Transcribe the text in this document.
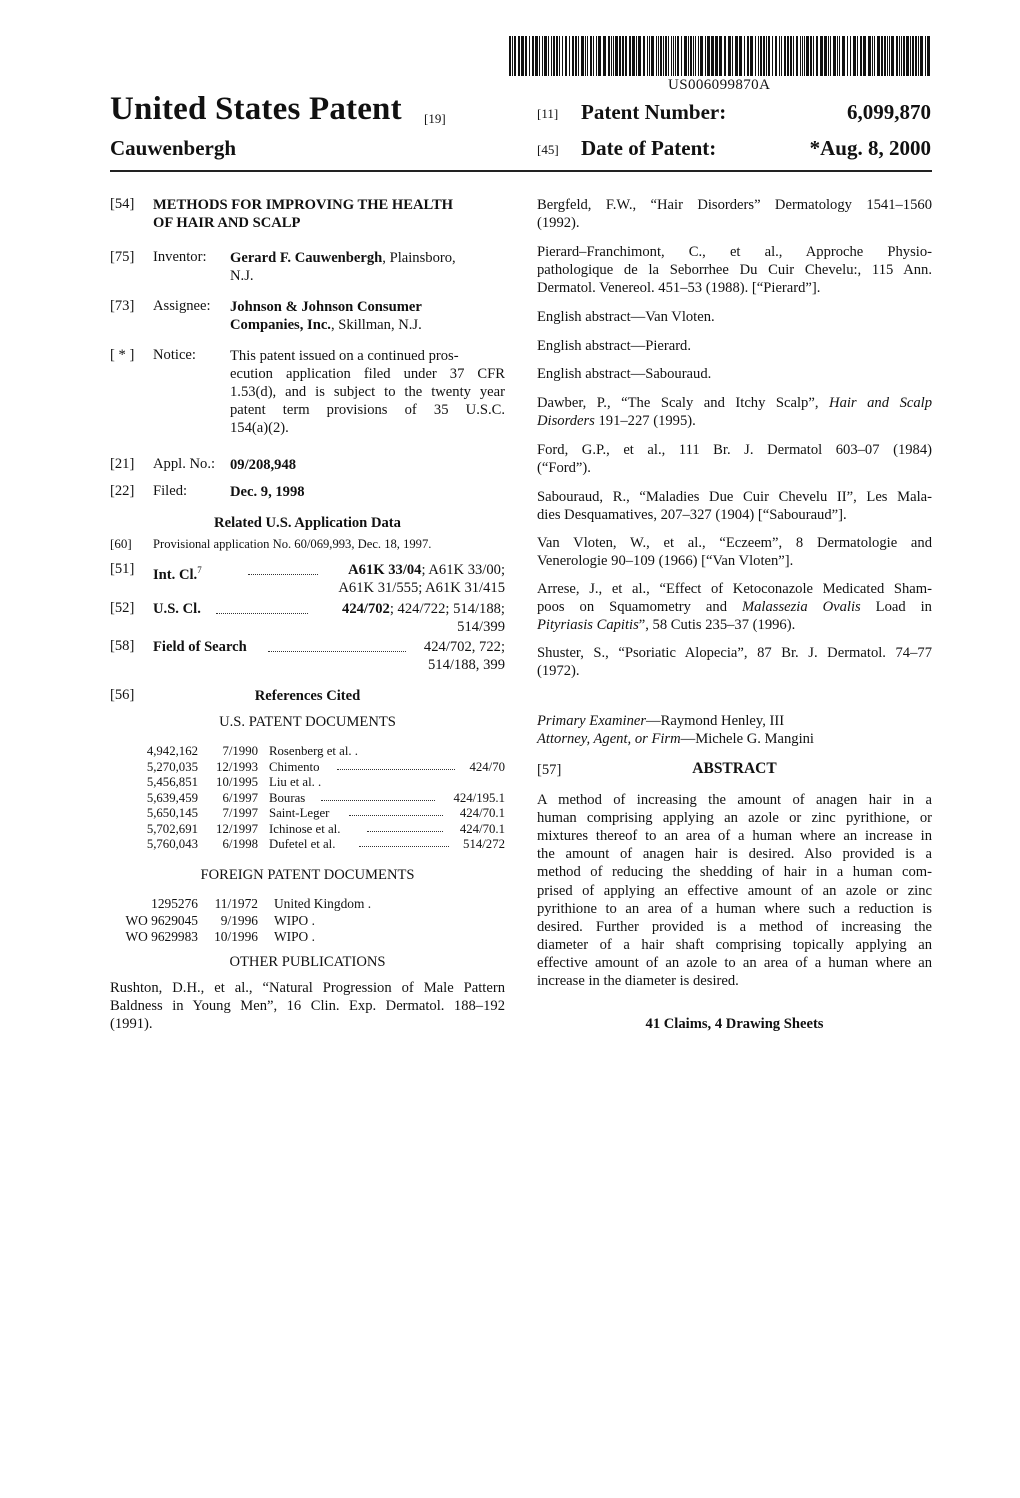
US006099870A
United States Patent [19]
Cauwenbergh
[11] Patent Number:	6,099,870
[45] Date of Patent:	*Aug. 8, 2000
[54] METHODS FOR IMPROVING THE HEALTH
OF HAIR AND SCALP
[75] Inventor: Gerard F. Cauwenbergh, Plainsboro,
N.J.
[73] Assignee: Johnson & Johnson Consumer
Companies, Inc., Skillman, N.J.
[ * ] Notice: This patent issued on a continued pros-
ecution application filed under 37 CFR
1.53(d), and is subject to the twenty year
patent term provisions of 35 U.S.C.
154(a)(2).
[21] Appl. No.: 09/208,948
[22] Filed:	Dec. 9, 1998
Related U.S. Application Data
[60] Provisional application No. 60/069,993, Dec. 18, 1997.
[51] Int. Cl.$^7$	A61K 33/04; A61K 33/00;
A61K 31/555; A61K 31/415
[52] U.S. Cl.	424/702; 424/722; 514/188;
514/399
[58] Field of Search	424/702, 722;
514/188, 399
[56]	References Cited
U.S. PATENT DOCUMENTS
4,942,162	7/1990 Rosenberg et al. .
5,270,035	12/1993 Chimento	424/70
5,456,851	10/1995 Liu et al. .
5,639,459	6/1997 Bouras	424/195.1
5,650,145	7/1997 Saint-Leger	424/70.1
5,702,691	12/1997 Ichinose et al.	424/70.1
5,760,043	6/1998 Dufetel et al.	514/272
FOREIGN PATENT DOCUMENTS
1295276	11/1972 United Kingdom .
WO 9629045	9/1996 WIPO .
WO 9629983	10/1996 WIPO .
OTHER PUBLICATIONS
Rushton, D.H., et al., “Natural Progression of Male Pattern
Baldness in Young Men”, 16 Clin. Exp. Dermatol. 188–192
(1991).
Bergfeld, F.W., “Hair Disorders” Dermatology 1541–1560
(1992).
Pierard–Franchimont, C., et al., Approche Physio-
pathologique de la Seborrhee Du Cuir Chevelu:, 115 Ann.
Dermatol. Venereol. 451–53 (1988). [“Pierard”].
English abstract—Van Vloten.
English abstract—Pierard.
English abstract—Sabouraud.
Dawber, P., “The Scaly and Itchy Scalp”, Hair and Scalp
Disorders 191–227 (1995).
Ford, G.P., et al., 111 Br. J. Dermatol 603–07 (1984)
(“Ford”).
Sabouraud, R., “Maladies Due Cuir Chevelu II”, Les Mala-
dies Desquamatives, 207–327 (1904) [“Sabouraud”].
Van Vloten, W., et al., “Eczeem”, 8 Dermatologie and
Venerologie 90–109 (1966) [“Van Vloten”].
Arrese, J., et al., “Effect of Ketoconazole Medicated Sham-
poos on Squamometry and Malassezia Ovalis Load in
Pityriasis Capitis”, 58 Cutis 235–37 (1996).
Shuster, S., “Psoriatic Alopecia”, 87 Br. J. Dermatol. 74–77
(1972).
Primary Examiner—Raymond Henley, III
Attorney, Agent, or Firm—Michele G. Mangini
[57]	ABSTRACT
A method of increasing the amount of anagen hair in a
human comprising applying an azole or zinc pyrithione, or
mixtures thereof to an area of a human where an increase in
the amount of anagen hair is desired. Also provided is a
method of reducing the shedding of hair in a human com-
prised of applying an effective amount of an azole or zinc
pyrithione to an area of a human where such a reduction is
desired. Further provided is a method of increasing the
diameter of a hair shaft comprising topically applying an
effective amount of an azole to an area of a human where an
increase in the diameter is desired.
41 Claims, 4 Drawing Sheets
